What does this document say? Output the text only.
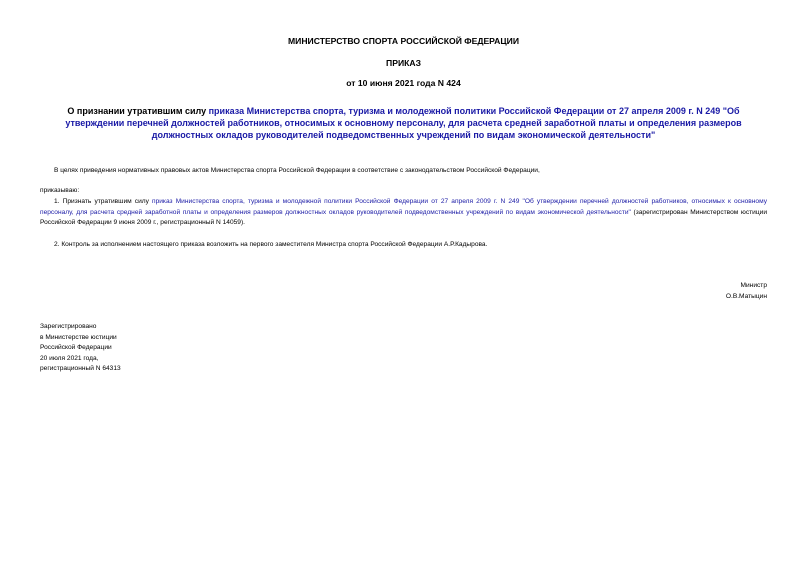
МИНИСТЕРСТВО СПОРТА РОССИЙСКОЙ ФЕДЕРАЦИИ
ПРИКАЗ
от 10 июня 2021 года N 424
О признании утратившим силу приказа Министерства спорта, туризма и молодежной политики Российской Федерации от 27 апреля 2009 г. N 249 "Об утверждении перечней должностей работников, относимых к основному персоналу, для расчета средней заработной платы и определения размеров должностных окладов руководителей подведомственных учреждений по видам экономической деятельности"
В целях приведения нормативных правовых актов Министерства спорта Российской Федерации в соответствие с законодательством Российской Федерации,
приказываю:
1. Признать утратившим силу приказ Министерства спорта, туризма и молодежной политики Российской Федерации от 27 апреля 2009 г. N 249 "Об утверждении перечней должностей работников, относимых к основному персоналу, для расчета средней заработной платы и определения размеров должностных окладов руководителей подведомственных учреждений по видам экономической деятельности" (зарегистрирован Министерством юстиции Российской Федерации 9 июня 2009 г., регистрационный N 14059).
2. Контроль за исполнением настоящего приказа возложить на первого заместителя Министра спорта Российской Федерации А.Р.Кадырова.
Министр
О.В.Матыцин
Зарегистрировано
в Министерстве юстиции
Российской Федерации
20 июля 2021 года,
регистрационный N 64313
